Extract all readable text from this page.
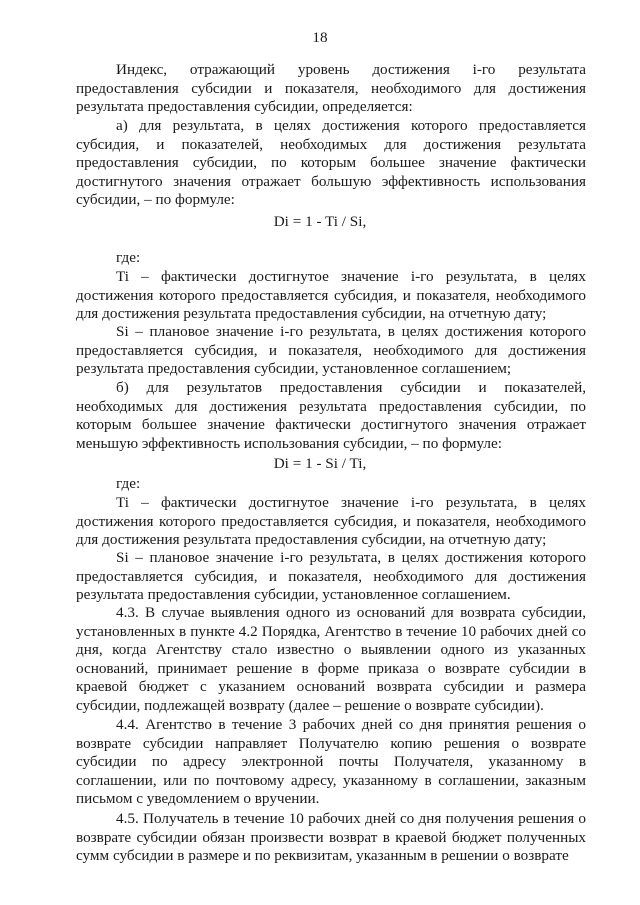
18
Индекс, отражающий уровень достижения i-го результата предоставления субсидии и показателя, необходимого для достижения результата предоставления субсидии, определяется:
а) для результата, в целях достижения которого предоставляется субсидия, и показателей, необходимых для достижения результата предоставления субсидии, по которым большее значение фактически достигнутого значения отражает большую эффективность использования субсидии, – по формуле:
Di = 1 - Ti / Si,
где:
Ti – фактически достигнутое значение i-го результата, в целях достижения которого предоставляется субсидия, и показателя, необходимого для достижения результата предоставления субсидии, на отчетную дату;
Si – плановое значение i-го результата, в целях достижения которого предоставляется субсидия, и показателя, необходимого для достижения результата предоставления субсидии, установленное соглашением;
б) для результатов предоставления субсидии и показателей, необходимых для достижения результата предоставления субсидии, по которым большее значение фактически достигнутого значения отражает меньшую эффективность использования субсидии, – по формуле:
Di = 1 - Si / Ti,
где:
Ti – фактически достигнутое значение i-го результата, в целях достижения которого предоставляется субсидия, и показателя, необходимого для достижения результата предоставления субсидии, на отчетную дату;
Si – плановое значение i-го результата, в целях достижения которого предоставляется субсидия, и показателя, необходимого для достижения результата предоставления субсидии, установленное соглашением.
4.3. В случае выявления одного из оснований для возврата субсидии, установленных в пункте 4.2 Порядка, Агентство в течение 10 рабочих дней со дня, когда Агентству стало известно о выявлении одного из указанных оснований, принимает решение в форме приказа о возврате субсидии в краевой бюджет с указанием оснований возврата субсидии и размера субсидии, подлежащей возврату (далее – решение о возврате субсидии).
4.4. Агентство в течение 3 рабочих дней со дня принятия решения о возврате субсидии направляет Получателю копию решения о возврате субсидии по адресу электронной почты Получателя, указанному в соглашении, или по почтовому адресу, указанному в соглашении, заказным письмом с уведомлением о вручении.
4.5. Получатель в течение 10 рабочих дней со дня получения решения о возврате субсидии обязан произвести возврат в краевой бюджет полученных сумм субсидии в размере и по реквизитам, указанным в решении о возврате
